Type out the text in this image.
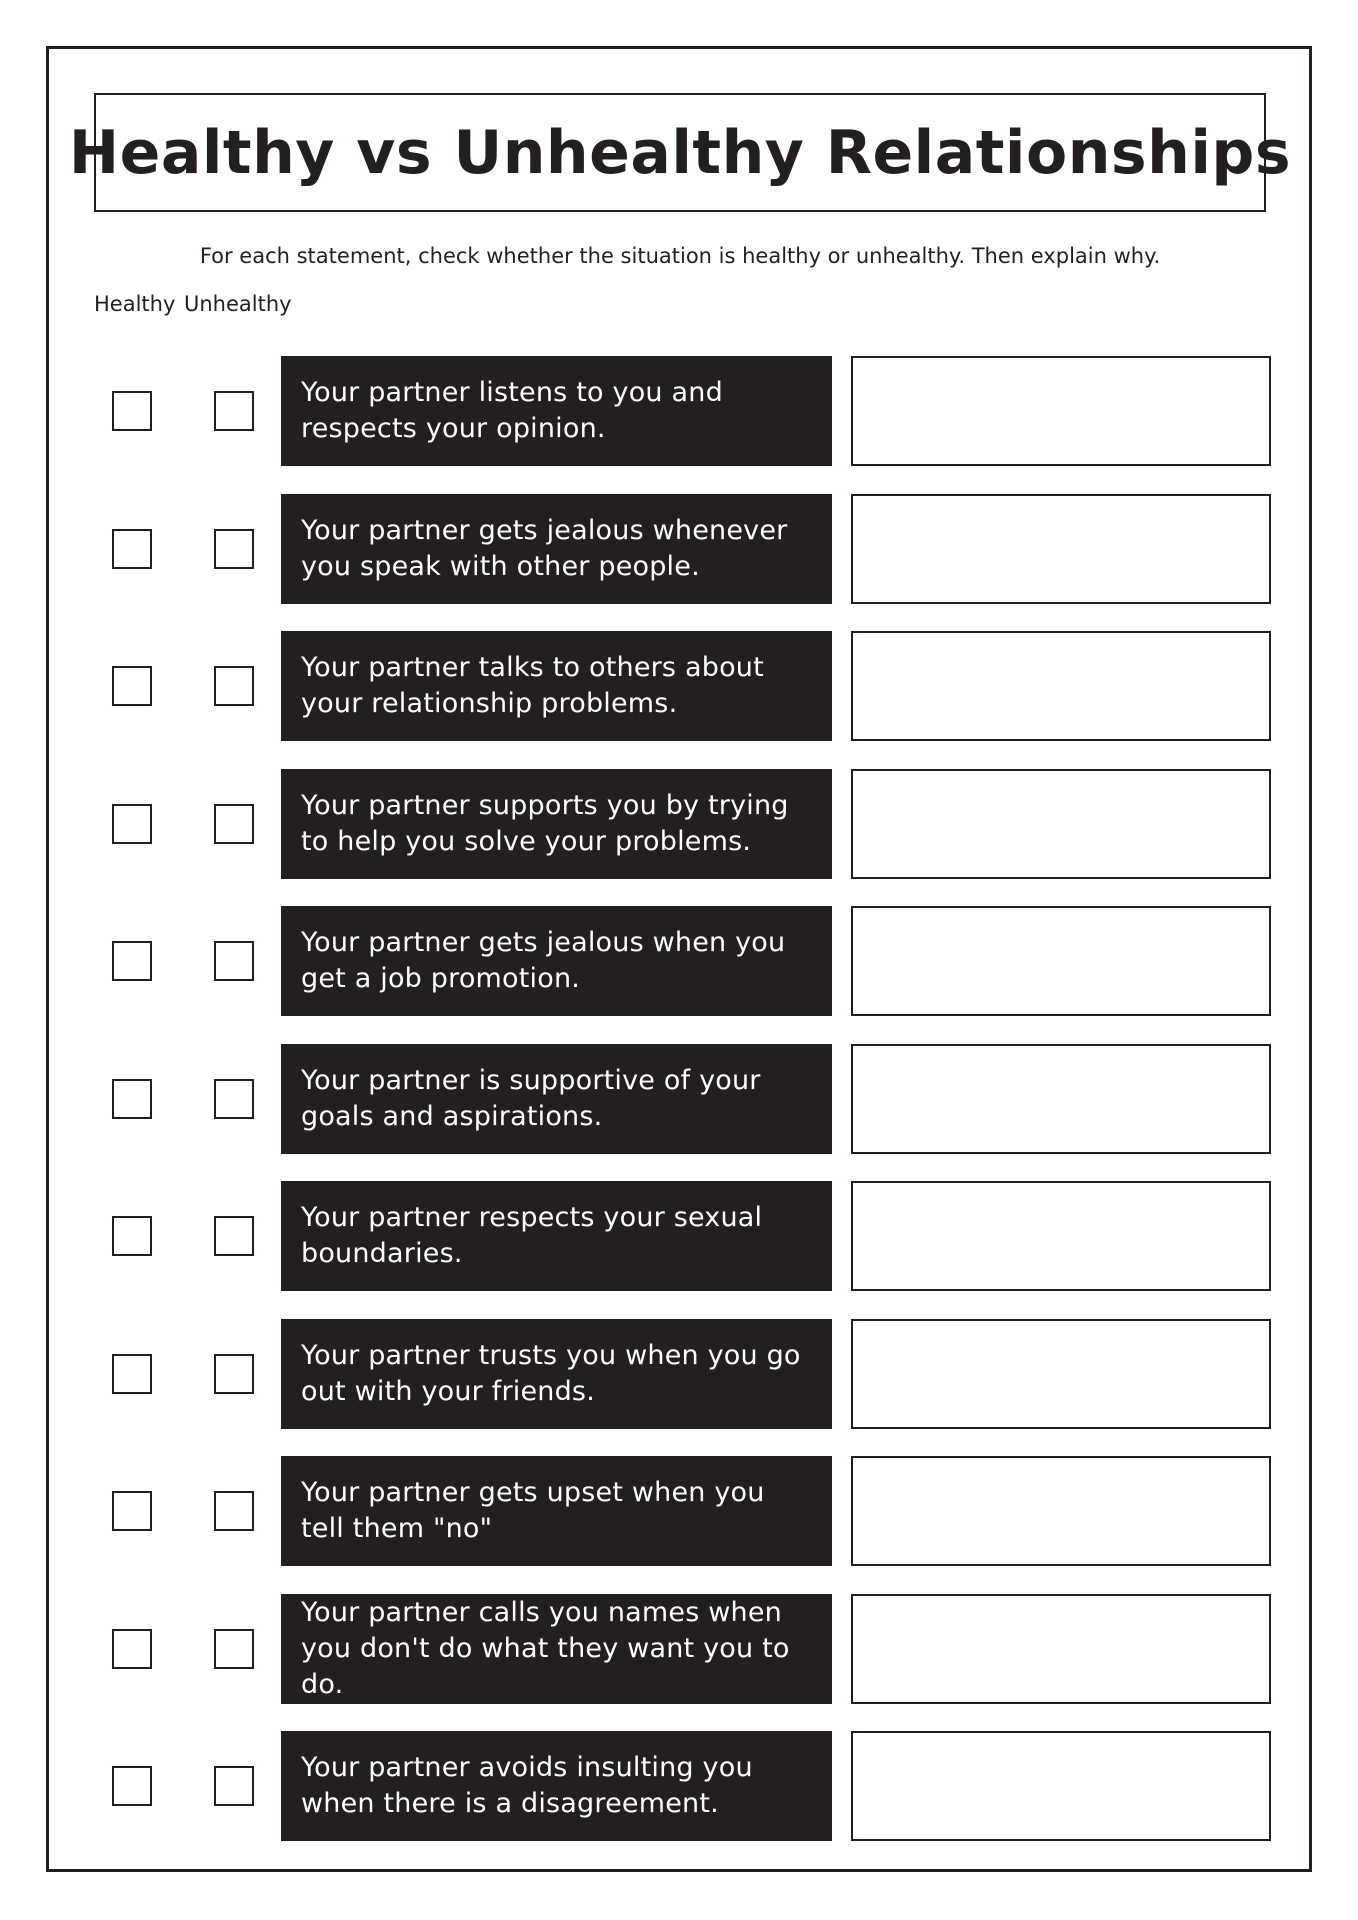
Healthy vs Unhealthy Relationships
For each statement, check whether the situation is healthy or unhealthy. Then explain why.
Healthy Unhealthy
Your partner listens to you and respects your opinion.
Your partner gets jealous whenever you speak with other people.
Your partner talks to others about your relationship problems.
Your partner supports you by trying to help you solve your problems.
Your partner gets jealous when you get a job promotion.
Your partner is supportive of your goals and aspirations.
Your partner respects your sexual boundaries.
Your partner trusts you when you go out with your friends.
Your partner gets upset when you tell them "no"
Your partner calls you names when you don't do what they want you to do.
Your partner avoids insulting you when there is a disagreement.
